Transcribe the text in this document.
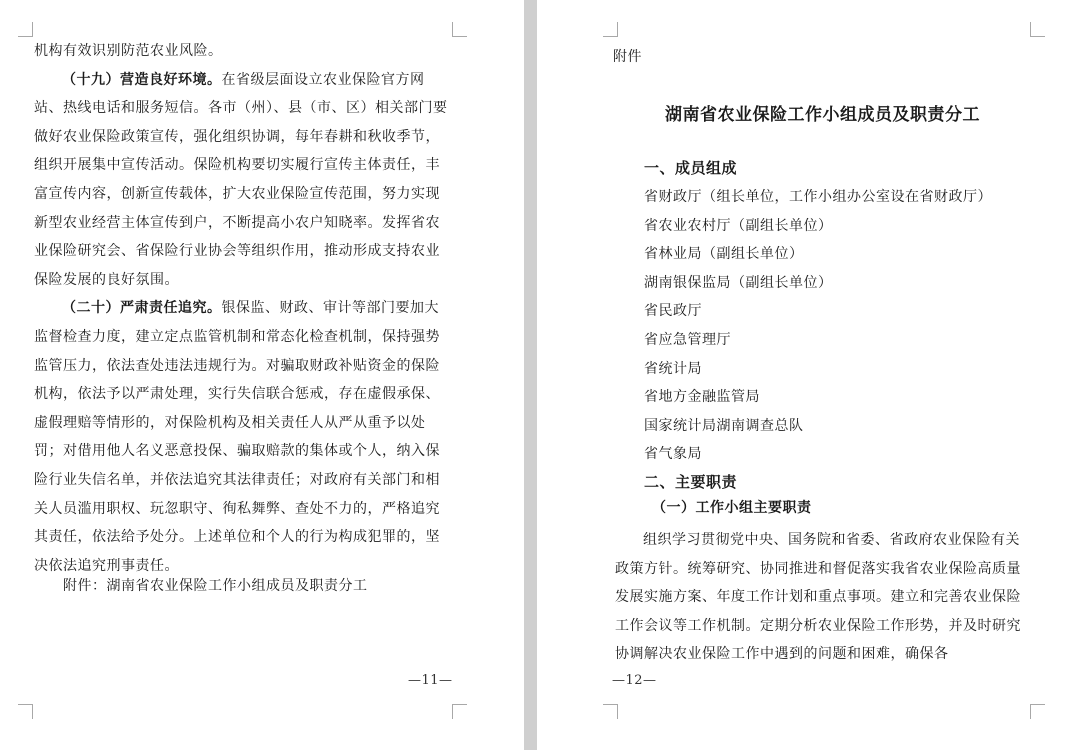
机构有效识别防范农业风险。
（十九）营造良好环境。在省级层面设立农业保险官方网站、热线电话和服务短信。各市（州）、县（市、区）相关部门要做好农业保险政策宣传，强化组织协调，每年春耕和秋收季节，组织开展集中宣传活动。保险机构要切实履行宣传主体责任，丰富宣传内容，创新宣传载体，扩大农业保险宣传范围，努力实现新型农业经营主体宣传到户，不断提高小农户知晓率。发挥省农业保险研究会、省保险行业协会等组织作用，推动形成支持农业保险发展的良好氛围。
（二十）严肃责任追究。银保监、财政、审计等部门要加大监督检查力度，建立定点监管机制和常态化检查机制，保持强势监管压力，依法查处违法违规行为。对骗取财政补贴资金的保险机构，依法予以严肃处理，实行失信联合惩戒，存在虚假承保、虚假理赔等情形的，对保险机构及相关责任人从严从重予以处罚；对借用他人名义恶意投保、骗取赔款的集体或个人，纳入保险行业失信名单，并依法追究其法律责任；对政府有关部门和相关人员滥用职权、玩忽职守、徇私舞弊、查处不力的，严格追究其责任，依法给予处分。上述单位和个人的行为构成犯罪的，坚决依法追究刑事责任。
附件：湖南省农业保险工作小组成员及职责分工
—11—
附件
湖南省农业保险工作小组成员及职责分工
一、成员组成
省财政厅（组长单位，工作小组办公室设在省财政厅）
省农业农村厅（副组长单位）
省林业局（副组长单位）
湖南银保监局（副组长单位）
省民政厅
省应急管理厅
省统计局
省地方金融监管局
国家统计局湖南调查总队
省气象局
二、主要职责
（一）工作小组主要职责
组织学习贯彻党中央、国务院和省委、省政府农业保险有关政策方针。统筹研究、协同推进和督促落实我省农业保险高质量发展实施方案、年度工作计划和重点事项。建立和完善农业保险工作会议等工作机制。定期分析农业保险工作形势，并及时研究协调解决农业保险工作中遇到的问题和困难，确保各
—12—
